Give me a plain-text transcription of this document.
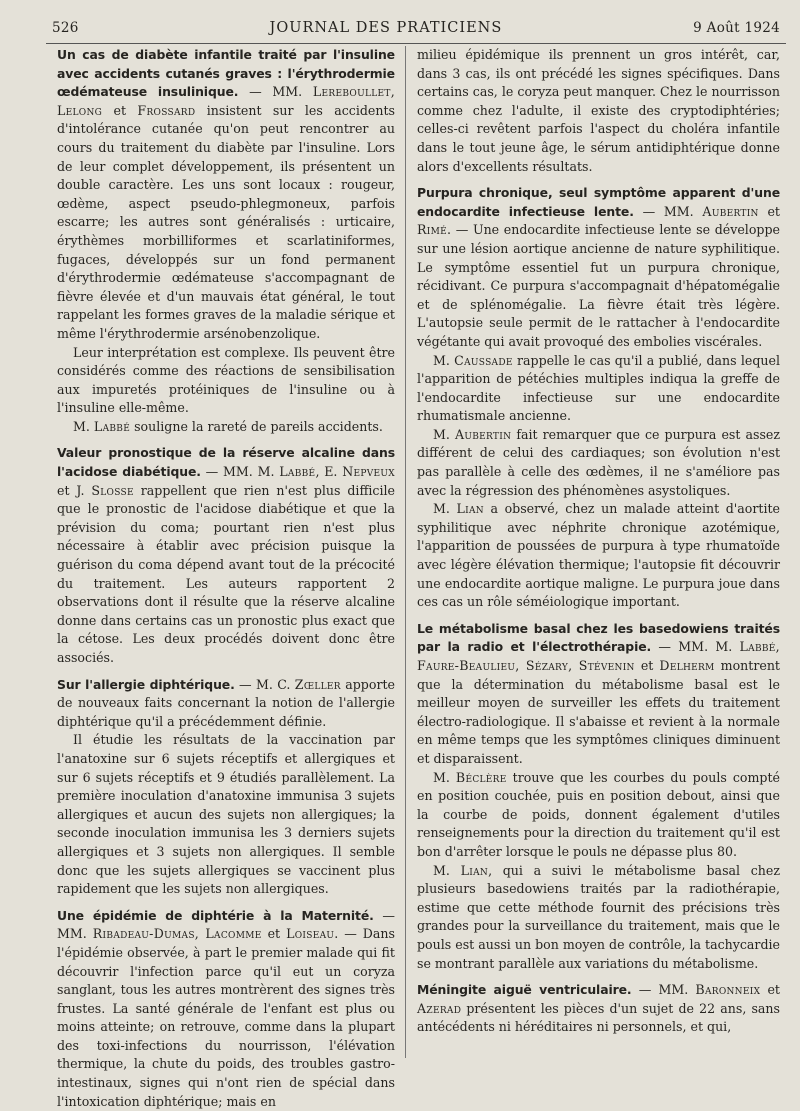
526	JOURNAL DES PRATICIENS	9 Août 1924

Un cas de diabète infantile traité par l'insuline avec accidents cutanés graves : l'érythrodermie œdémateuse insulinique. — MM. Lereboullet, Lelong et Frossard insistent sur les accidents d'intolérance cutanée qu'on peut rencontrer au cours du traitement du diabète par l'insuline. Lors de leur complet développement, ils présentent un double caractère. Les uns sont locaux : rougeur, œdème, aspect pseudo-phlegmoneux, parfois escarre; les autres sont généralisés : urticaire, érythèmes morbilliformes et scarlatiniformes, fugaces, développés sur un fond permanent d'érythrodermie œdémateuse s'accompagnant de fièvre élevée et d'un mauvais état général, le tout rappelant les formes graves de la maladie sérique et même l'érythrodermie arsénobenzolique.

Leur interprétation est complexe. Ils peuvent être considérés comme des réactions de sensibilisation aux impuretés protéiniques de l'insuline ou à l'insuline elle-même.

M. Labbé souligne la rareté de pareils accidents.

Valeur pronostique de la réserve alcaline dans l'acidose diabétique. — MM. M. Labbé, E. Nepveux et J. Slosse rappellent que rien n'est plus difficile que le pronostic de l'acidose diabétique et que la prévision du coma; pourtant rien n'est plus nécessaire à établir avec précision puisque la guérison du coma dépend avant tout de la précocité du traitement. Les auteurs rapportent 2 observations dont il résulte que la réserve alcaline donne dans certains cas un pronostic plus exact que la cétose. Les deux procédés doivent donc être associés.

Sur l'allergie diphtérique. — M. C. Zœller apporte de nouveaux faits concernant la notion de l'allergie diphtérique qu'il a précédemment définie.

Il étudie les résultats de la vaccination par l'anatoxine sur 6 sujets réceptifs et allergiques et sur 6 sujets réceptifs et 9 étudiés parallèlement. La première inoculation d'anatoxine immunisa 3 sujets allergiques et aucun des sujets non allergiques; la seconde inoculation immunisa les 3 derniers sujets allergiques et 3 sujets non allergiques. Il semble donc que les sujets allergiques se vaccinent plus rapidement que les sujets non allergiques.

Une épidémie de diphtérie à la Maternité. — MM. Ribadeau-Dumas, Lacomme et Loiseau. — Dans l'épidémie observée, à part le premier malade qui fit découvrir l'infection parce qu'il eut un coryza sanglant, tous les autres montrèrent des signes très frustes. La santé générale de l'enfant est plus ou moins atteinte; on retrouve, comme dans la plupart des toxi-infections du nourrisson, l'élévation thermique, la chute du poids, des troubles gastro-intestinaux, signes qui n'ont rien de spécial dans l'intoxication diphtérique; mais en

milieu épidémique ils prennent un gros intérêt, car, dans 3 cas, ils ont précédé les signes spécifiques. Dans certains cas, le coryza peut manquer. Chez le nourrisson comme chez l'adulte, il existe des cryptodiphtéries; celles-ci revêtent parfois l'aspect du choléra infantile dans le tout jeune âge, le sérum antidiphtérique donne alors d'excellents résultats.

Purpura chronique, seul symptôme apparent d'une endocardite infectieuse lente. — MM. Aubertin et Rimé. — Une endocardite infectieuse lente se développe sur une lésion aortique ancienne de nature syphilitique. Le symptôme essentiel fut un purpura chronique, récidivant. Ce purpura s'accompagnait d'hépatomégalie et de splénomégalie. La fièvre était très légère. L'autopsie seule permit de le rattacher à l'endocardite végétante qui avait provoqué des embolies viscérales.

M. Caussade rappelle le cas qu'il a publié, dans lequel l'apparition de pétéchies multiples indiqua la greffe de l'endocardite infectieuse sur une endocardite rhumatismale ancienne.

M. Aubertin fait remarquer que ce purpura est assez différent de celui des cardiaques; son évolution n'est pas parallèle à celle des œdèmes, il ne s'améliore pas avec la régression des phénomènes asystoliques.

M. Lian a observé, chez un malade atteint d'aortite syphilitique avec néphrite chronique azotémique, l'apparition de poussées de purpura à type rhumatoïde avec légère élévation thermique; l'autopsie fit découvrir une endocardite aortique maligne. Le purpura joue dans ces cas un rôle séméiologique important.

Le métabolisme basal chez les basedowiens traités par la radio et l'électrothérapie. — MM. M. Labbé, Faure-Beaulieu, Sézary, Stévenin et Delherm montrent que la détermination du métabolisme basal est le meilleur moyen de surveiller les effets du traitement électro-radiologique. Il s'abaisse et revient à la normale en même temps que les symptômes cliniques diminuent et disparaissent.

M. Béclère trouve que les courbes du pouls compté en position couchée, puis en position debout, ainsi que la courbe de poids, donnent également d'utiles renseignements pour la direction du traitement qu'il est bon d'arrêter lorsque le pouls ne dépasse plus 80.

M. Lian, qui a suivi le métabolisme basal chez plusieurs basedowiens traités par la radiothérapie, estime que cette méthode fournit des précisions très grandes pour la surveillance du traitement, mais que le pouls est aussi un bon moyen de contrôle, la tachycardie se montrant parallèle aux variations du métabolisme.

Méningite aiguë ventriculaire. — MM. Baronneix et Azerad présentent les pièces d'un sujet de 22 ans, sans antécédents ni héréditaires ni personnels, et qui,
